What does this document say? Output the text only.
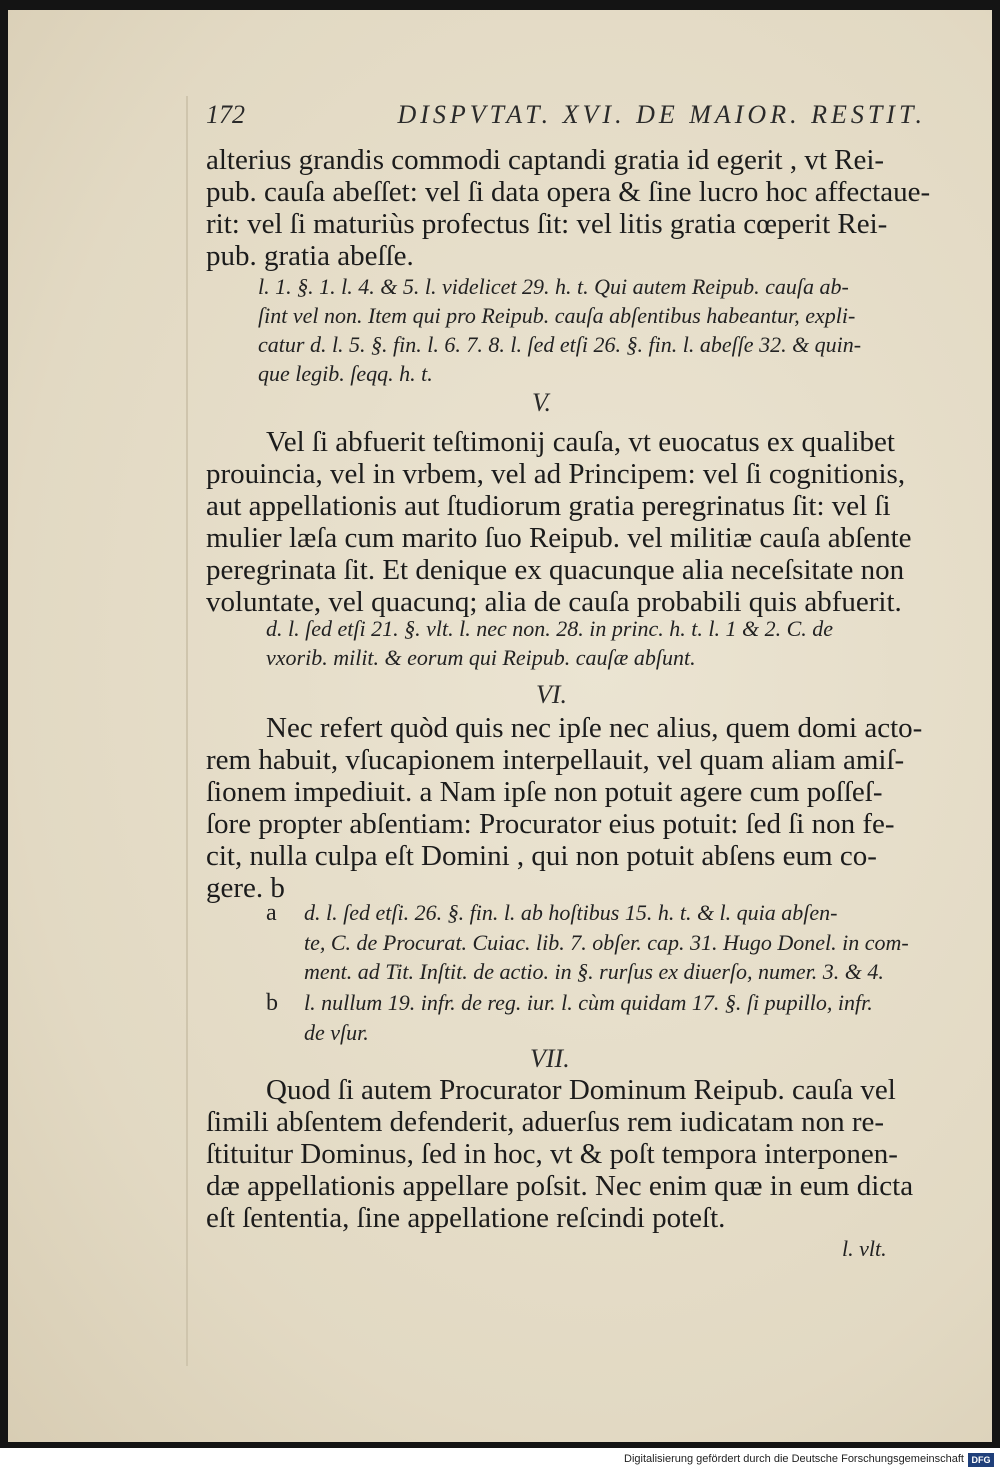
172	DISPVTAT. XVI. DE MAIOR. RESTIT.
alterius grandis commodi captandi gratia id egerit , vt Rei-
pub. cauſa abeſſet: vel ſi data opera & ſine lucro hoc affectaue-
rit: vel ſi maturiùs profectus ſit: vel litis gratia cœperit Rei-
pub. gratia abeſſe.
l. 1. §. 1. l. 4. & 5. l. videlicet 29. h. t. Qui autem Reipub. cauſa ab-
ſint vel non. Item qui pro Reipub. cauſa abſentibus habeantur, expli-
catur d. l. 5. §. fin. l. 6. 7. 8. l. ſed etſi 26. §. fin. l. abeſſe 32. & quin-
que legib. ſeqq. h. t.
V.
Vel ſi abfuerit teſtimonij cauſa, vt euocatus ex qualibet
prouincia, vel in vrbem, vel ad Principem: vel ſi cognitionis,
aut appellationis aut ſtudiorum gratia peregrinatus ſit: vel ſi
mulier læſa cum marito ſuo Reipub. vel militiæ cauſa abſente
peregrinata ſit. Et denique ex quacunque alia neceſsitate non
voluntate, vel quacunq; alia de cauſa probabili quis abfuerit.
d. l. ſed etſi 21. §. vlt. l. nec non. 28. in princ. h. t. l. 1 & 2. C. de
vxorib. milit. & eorum qui Reipub. cauſæ abſunt.
VI.
Nec refert quòd quis nec ipſe nec alius, quem domi acto-
rem habuit, vſucapionem interpellauit, vel quam aliam amiſ-
ſionem impediuit. a Nam ipſe non potuit agere cum poſſeſ-
ſore propter abſentiam: Procurator eius potuit: ſed ſi non fe-
cit, nulla culpa eſt Domini , qui non potuit abſens eum co-
gere. b
a d. l. ſed etſi. 26. §. fin. l. ab hoſtibus 15. h. t. & l. quia abſen-
te, C. de Procurat. Cuiac. lib. 7. obſer. cap. 31. Hugo Donel. in com-
ment. ad Tit. Inſtit. de actio. in §. rurſus ex diuerſo, numer. 3. & 4.
b l. nullum 19. infr. de reg. iur. l. cùm quidam 17. §. ſi pupillo, infr.
de vſur.
VII.
Quod ſi autem Procurator Dominum Reipub. cauſa vel
ſimili abſentem defenderit, aduerſus rem iudicatam non re-
ſtituitur Dominus, ſed in hoc, vt & poſt tempora interponen-
dæ appellationis appellare poſsit. Nec enim quæ in eum dicta
eſt ſententia, ſine appellatione reſcindi poteſt.
l. vlt.
Digitalisierung gefördert durch die Deutsche Forschungsgemeinschaft DFG
